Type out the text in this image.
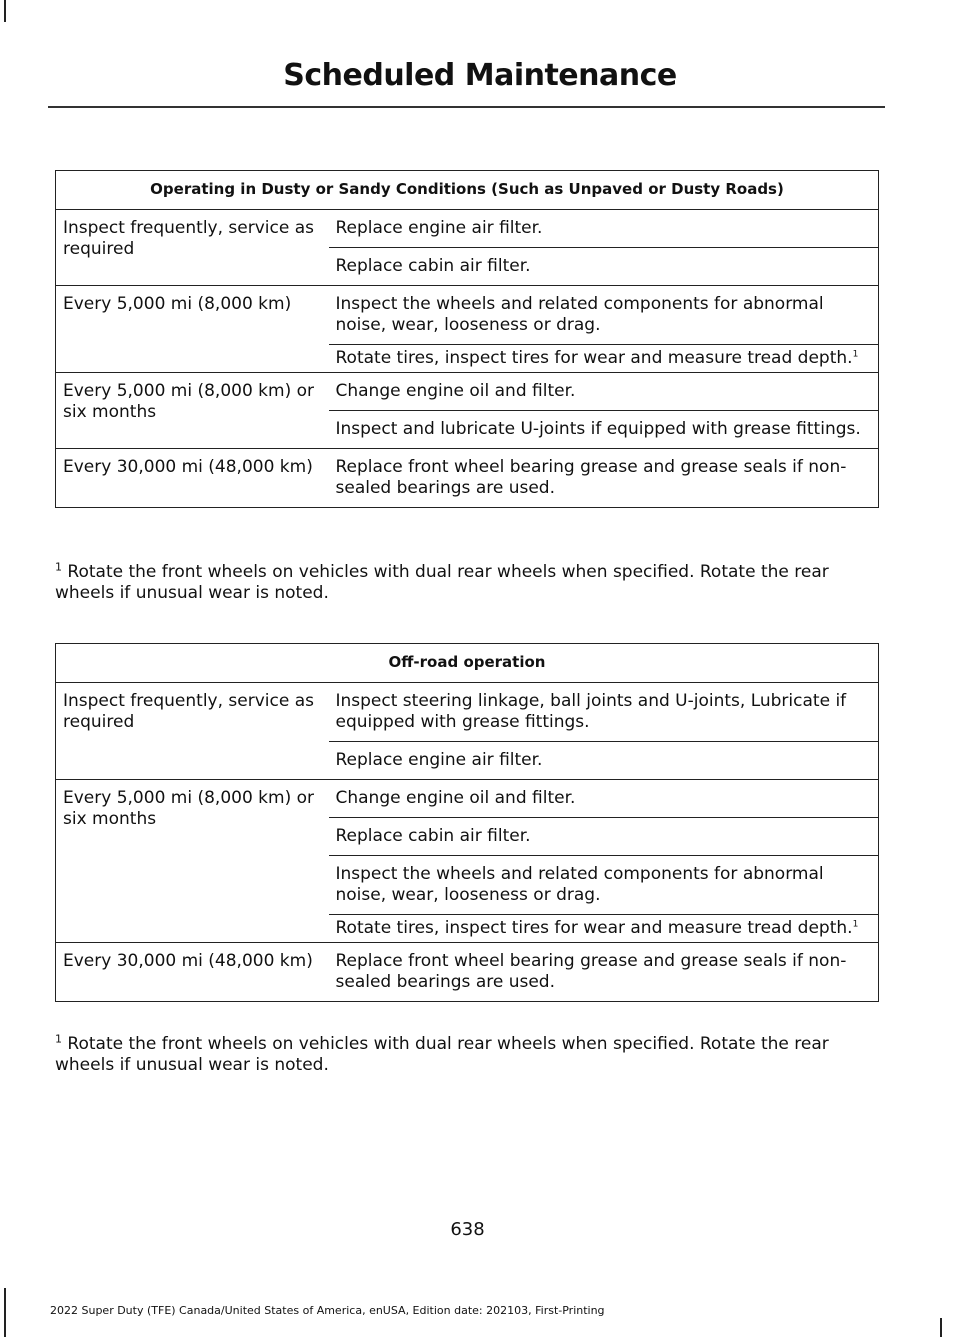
Scheduled Maintenance
Operating in Dusty or Sandy Conditions (Such as Unpaved or Dusty Roads)	
Inspect frequently, service as required	Replace engine air filter.
	Replace cabin air filter.
Every 5,000 mi (8,000 km)	Inspect the wheels and related components for abnormal noise, wear, looseness or drag.
	Rotate tires, inspect tires for wear and measure tread depth.$^1$
Every 5,000 mi (8,000 km) or six months	Change engine oil and filter.
	Inspect and lubricate U-joints if equipped with grease fittings.
Every 30,000 mi (48,000 km)	Replace front wheel bearing grease and grease seals if non-sealed bearings are used.
$^1$ Rotate the front wheels on vehicles with dual rear wheels when specified. Rotate the rear wheels if unusual wear is noted.
Off-road operation	
Inspect frequently, service as required	Inspect steering linkage, ball joints and U-joints, Lubricate if equipped with grease fittings.
	Replace engine air filter.
Every 5,000 mi (8,000 km) or six months	Change engine oil and filter.
	Replace cabin air filter.
	Inspect the wheels and related components for abnormal noise, wear, looseness or drag.
	Rotate tires, inspect tires for wear and measure tread depth.$^1$
Every 30,000 mi (48,000 km)	Replace front wheel bearing grease and grease seals if non-sealed bearings are used.
$^1$ Rotate the front wheels on vehicles with dual rear wheels when specified. Rotate the rear wheels if unusual wear is noted.
638
2022 Super Duty (TFE) Canada/United States of America, enUSA, Edition date: 202103, First-Printing
